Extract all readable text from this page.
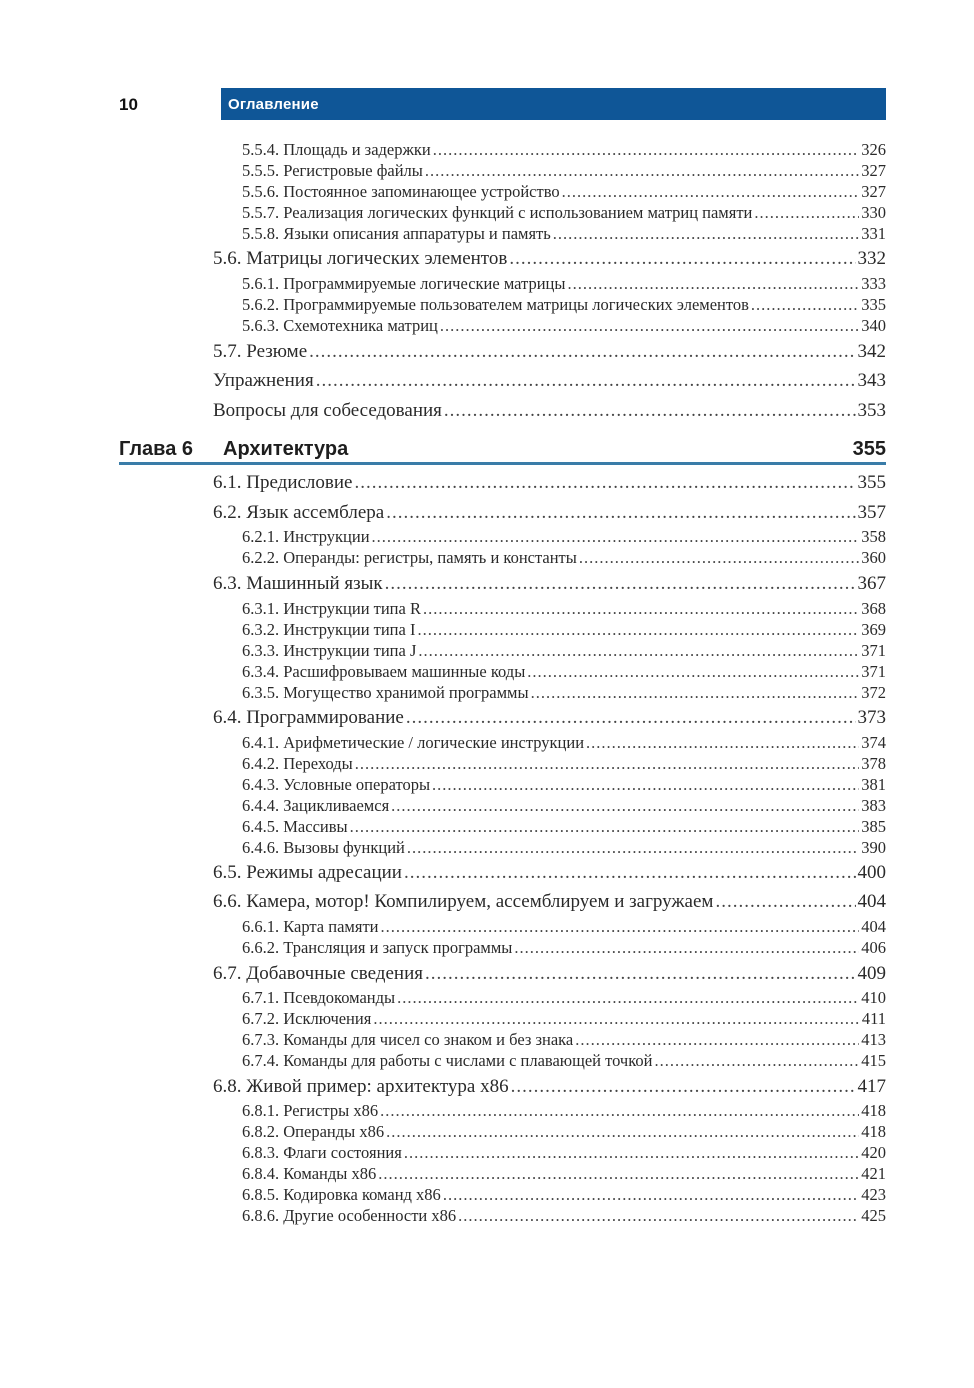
10	Оглавление
5.5.4. Площадь и задержки .....	326
5.5.5. Регистровые файлы .....	327
5.5.6. Постоянное запоминающее устройство .....	327
5.5.7. Реализация логических функций с использованием матриц памяти .....	330
5.5.8. Языки описания аппаратуры и память .....	331
5.6. Матрицы логических элементов .....	332
5.6.1. Программируемые логические матрицы .....	333
5.6.2. Программируемые пользователем матрицы логических элементов .....	335
5.6.3. Схемотехника матриц .....	340
5.7. Резюме .....	342
Упражнения .....	343
Вопросы для собеседования .....	353
Глава 6 Архитектура	355
6.1. Предисловие .....	355
6.2. Язык ассемблера .....	357
6.2.1. Инструкции .....	358
6.2.2. Операнды: регистры, память и константы .....	360
6.3. Машинный язык .....	367
6.3.1. Инструкции типа R .....	368
6.3.2. Инструкции типа I .....	369
6.3.3. Инструкции типа J .....	371
6.3.4. Расшифровываем машинные коды .....	371
6.3.5. Могущество хранимой программы .....	372
6.4. Программирование .....	373
6.4.1. Арифметические / логические инструкции .....	374
6.4.2. Переходы .....	378
6.4.3. Условные операторы .....	381
6.4.4. Зацикливаемся .....	383
6.4.5. Массивы .....	385
6.4.6. Вызовы функций .....	390
6.5. Режимы адресации .....	400
6.6. Камера, мотор! Компилируем, ассемблируем и загружаем .....	404
6.6.1. Карта памяти .....	404
6.6.2. Трансляция и запуск программы .....	406
6.7. Добавочные сведения .....	409
6.7.1. Псевдокоманды .....	410
6.7.2. Исключения .....	411
6.7.3. Команды для чисел со знаком и без знака .....	413
6.7.4. Команды для работы с числами с плавающей точкой .....	415
6.8. Живой пример: архитектура x86 .....	417
6.8.1. Регистры x86 .....	418
6.8.2. Операнды x86 .....	418
6.8.3. Флаги состояния .....	420
6.8.4. Команды x86 .....	421
6.8.5. Кодировка команд x86 .....	423
6.8.6. Другие особенности x86 .....	425
